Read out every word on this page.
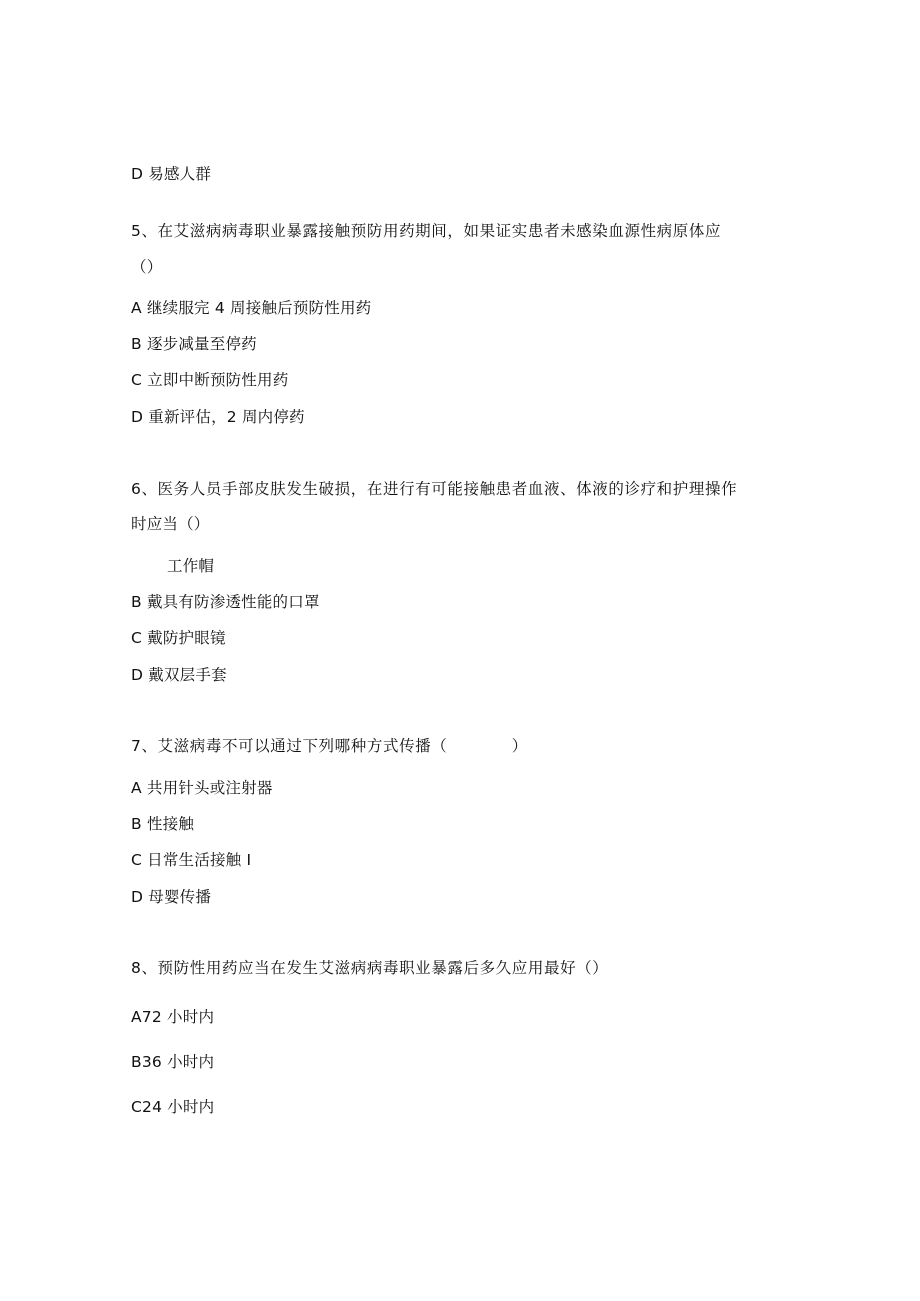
D 易感人群
5、在艾滋病病毒职业暴露接触预防用药期间，如果证实患者未感染血源性病原体应
（）
A 继续服完 4 周接触后预防性用药
B 逐步减量至停药
C 立即中断预防性用药
D 重新评估，2 周内停药
6、医务人员手部皮肤发生破损，在进行有可能接触患者血液、体液的诊疗和护理操作
时应当（）
工作帽
B 戴具有防渗透性能的口罩
C 戴防护眼镜
D 戴双层手套
7、艾滋病毒不可以通过下列哪种方式传播（　　　　）
A 共用针头或注射器
B 性接触
C 日常生活接触 I
D 母婴传播
8、预防性用药应当在发生艾滋病病毒职业暴露后多久应用最好（）
A72 小时内
B36 小时内
C24 小时内
